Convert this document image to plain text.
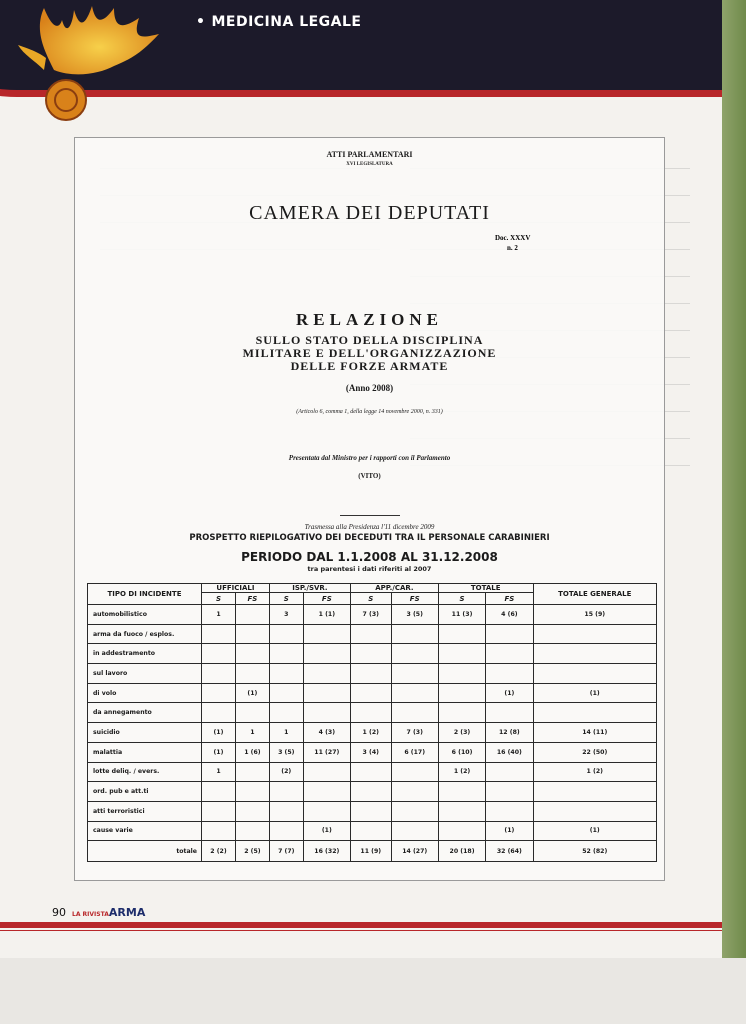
• MEDICINA LEGALE
ATTI PARLAMENTARI
XVI LEGISLATURA
CAMERA DEI DEPUTATI
Doc. XXXV
n. 2
RELAZIONE
SULLO STATO DELLA DISCIPLINA
MILITARE E DELL'ORGANIZZAZIONE
DELLE FORZE ARMATE
(Anno 2008)
(Articolo 6, comma 1, della legge 14 novembre 2000, n. 331)
Presentata dal Ministro per i rapporti con il Parlamento
(VITO)
Trasmessa alla Presidenza l'11 dicembre 2009
PROSPETTO RIEPILOGATIVO DEI DECEDUTI TRA IL PERSONALE CARABINIERI
PERIODO DAL 1.1.2008 AL 31.12.2008
tra parentesi i dati riferiti al 2007
TIPO DI INCIDENTE	UFFICIALI		ISP./SVR.		APP./CAR.		TOTALE		TOTALE GENERALE
	S	FS	S	FS	S	FS	S	FS	
automobilistico	1		3	1 (1)	7 (3)	3 (5)	11 (3)	4 (6)	15 (9)
arma da fuoco / esplos.									
in addestramento									
sul lavoro									
di volo		(1)						(1)	(1)
da annegamento									
suicidio	(1)	1	1	4 (3)	1 (2)	7 (3)	2 (3)	12 (8)	14 (11)
malattia	(1)	1 (6)	3 (5)	11 (27)	3 (4)	6 (17)	6 (10)	16 (40)	22 (50)
lotte deliq. / evers.	1		(2)				1 (2)		1 (2)
ord. pub e att.ti									
atti terroristici									
cause varie				(1)				(1)	(1)
totale	2 (2)	2 (5)	7 (7)	16 (32)	11 (9)	14 (27)	20 (18)	32 (64)	52 (82)
90 LA RIVISTAARMA
